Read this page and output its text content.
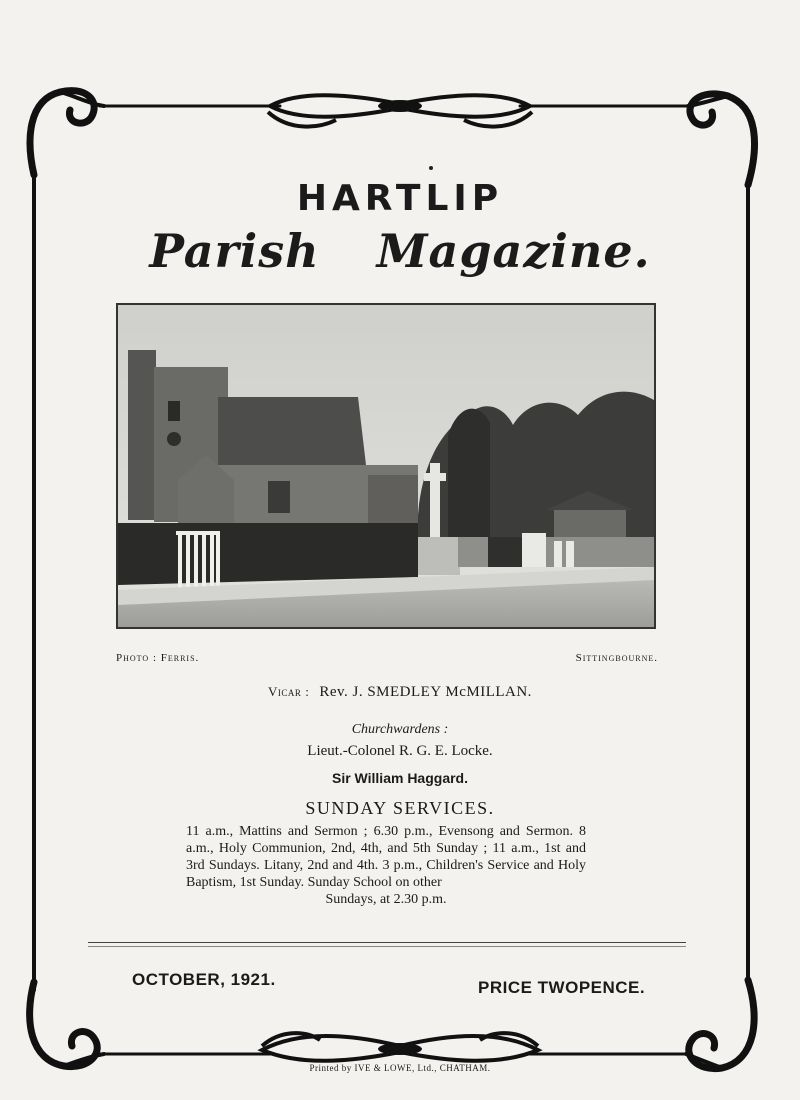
HARTLIP
Parish Magazine.
Photo : Ferris.	Sittingbourne.
Vicar : Rev. J. SMEDLEY McMILLAN.
Churchwardens :
Lieut.-Colonel R. G. E. Locke.
Sir William Haggard.
SUNDAY SERVICES.
11 a.m., Mattins and Sermon ; 6.30 p.m., Evensong and Sermon. 8 a.m., Holy Communion, 2nd, 4th, and 5th Sunday ; 11 a.m., 1st and 3rd Sundays. Litany, 2nd and 4th. 3 p.m., Children's Service and Holy Baptism, 1st Sunday. Sunday School on other
Sundays, at 2.30 p.m.
OCTOBER, 1921.	PRICE TWOPENCE.
Printed by IVE & LOWE, Ltd., CHATHAM.
